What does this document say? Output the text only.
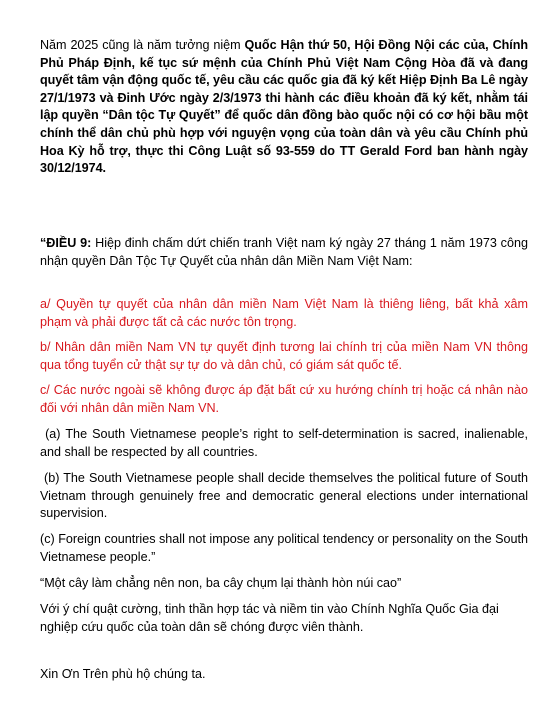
Năm 2025 cũng là năm tưởng niệm Quốc Hận thứ 50, Hội Đồng Nội các của, Chính Phủ Pháp Định, kế tục sứ mệnh của Chính Phủ Việt Nam Cộng Hòa đã và đang quyết tâm vận động quốc tế, yêu cầu các quốc gia đã ký kết Hiệp Định Ba Lê ngày 27/1/1973 và Đinh Ước ngày 2/3/1973 thi hành các điều khoản đã ký kết, nhằm tái lập quyền “Dân tộc Tự Quyết” để quốc dân đồng bào quốc nội có cơ hội bầu một chính thể dân chủ phù hợp với nguyện vọng của toàn dân và yêu cầu Chính phủ Hoa Kỳ hỗ trợ, thực thi Công Luật số 93-559 do TT Gerald Ford ban hành ngày 30/12/1974.

“ĐIỀU 9: Hiệp đinh chấm dứt chiến tranh Việt nam ký ngày 27 tháng 1 năm 1973 công nhận quyền Dân Tộc Tự Quyết của nhân dân Miền Nam Việt Nam:

a/ Quyền tự quyết của nhân dân miền Nam Việt Nam là thiêng liêng, bất khả xâm phạm và phải được tất cả các nước tôn trọng.

b/ Nhân dân miền Nam VN tự quyết định tương lai chính trị của miền Nam VN thông qua tổng tuyển cử thật sự tự do và dân chủ, có giám sát quốc tế.

c/ Các nước ngoài sẽ không được áp đặt bất cứ xu hướng chính trị hoặc cá nhân nào đối với nhân dân miền Nam VN.

(a) The South Vietnamese people’s right to self-determination is sacred, inalienable, and shall be respected by all countries.

(b) The South Vietnamese people shall decide themselves the political future of South Vietnam through genuinely free and democratic general elections under international supervision.

(c) Foreign countries shall not impose any political tendency or personality on the South Vietnamese people.”

“Một cây làm chẳng nên non, ba cây chụm lại thành hòn núi cao”

Với ý chí quật cường, tinh thần hợp tác và niềm tin vào Chính Nghĩa Quốc Gia đại nghiệp cứu quốc của toàn dân sẽ chóng được viên thành.

Xin Ơn Trên phù hộ chúng ta.
